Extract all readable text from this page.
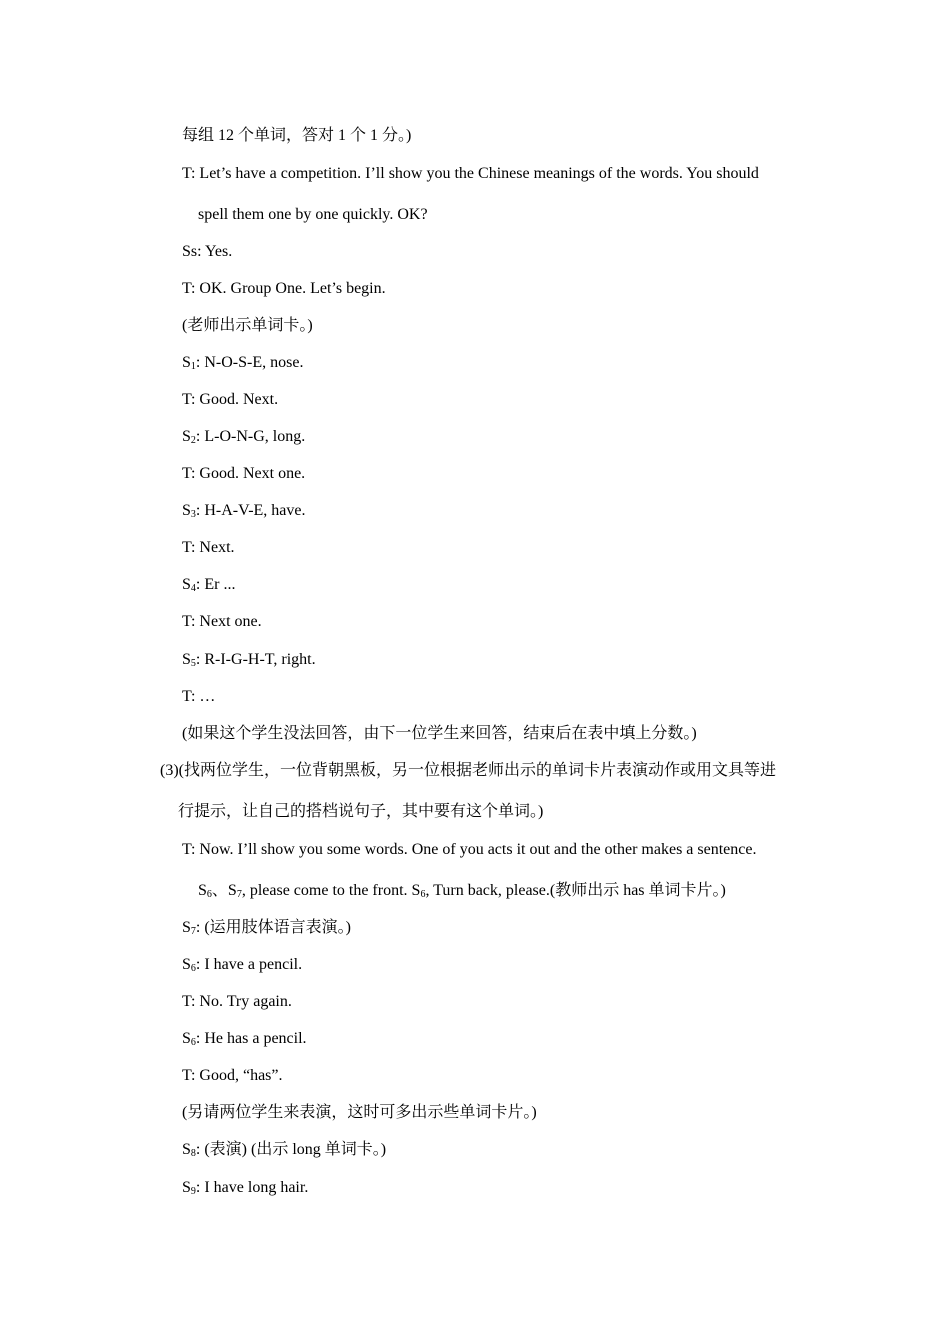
每组 12 个单词，答对 1 个 1 分。)
T: Let’s have a competition. I’ll show you the Chinese meanings of the words. You should
spell them one by one quickly. OK?
Ss: Yes.
T: OK. Group One. Let’s begin.
(老师出示单词卡。)
$S_1$: N-O-S-E, nose.
T: Good. Next.
$S_2$: L-O-N-G, long.
T: Good. Next one.
$S_3$: H-A-V-E, have.
T: Next.
$S_4$: Er ...
T: Next one.
$S_5$: R-I-G-H-T, right.
T: …
(如果这个学生没法回答，由下一位学生来回答，结束后在表中填上分数。)
(3)(找两位学生，一位背朝黑板，另一位根据老师出示的单词卡片表演动作或用文具等进
行提示，让自己的搭档说句子，其中要有这个单词。)
T: Now. I’ll show you some words. One of you acts it out and the other makes a sentence.
$S_6$、$S_7$, please come to the front. $S_6$, Turn back, please.(教师出示 has 单词卡片。)
$S_7$: (运用肢体语言表演。)
$S_6$: I have a pencil.
T: No. Try again.
$S_6$: He has a pencil.
T: Good, “has”.
(另请两位学生来表演，这时可多出示些单词卡片。)
$S_8$: (表演) (出示 long 单词卡。)
$S_9$: I have long hair.
